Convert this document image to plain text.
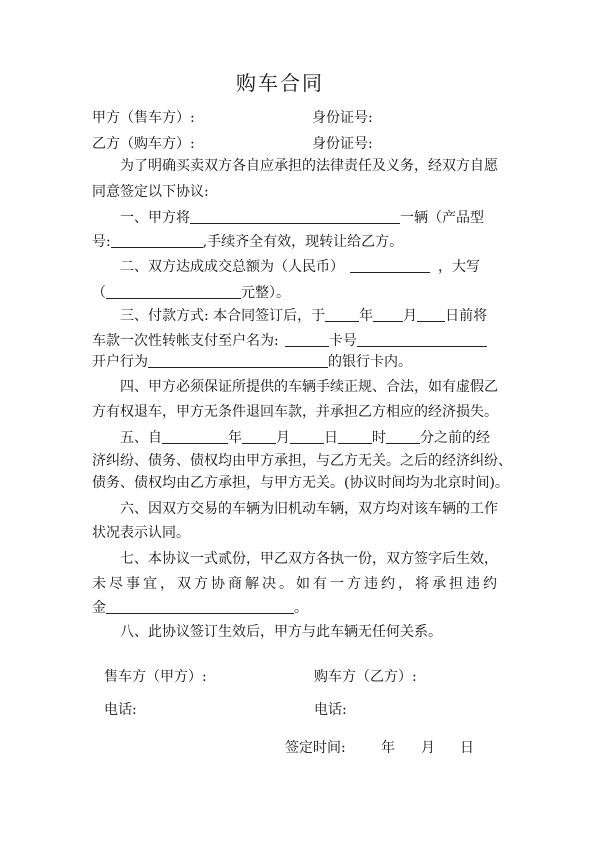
购车合同
甲方（售车方）:	身份证号:
乙方（购车方）:	身份证号:
为了明确买卖双方各自应承担的法律责任及义务，经双方自愿
同意签定以下协议:
一、甲方将	一辆（产品型
号:	,手续齐全有效，现转让给乙方。
二、双方达成成交总额为（人民币）	，大写
（	元整）。
三、付款方式: 本合同签订后，于 年 月 日前将
车款一次性转帐支付至户名为:	卡号
开户行为	的银行卡内。
四、甲方必须保证所提供的车辆手续正规、合法，如有虚假乙
方有权退车，甲方无条件退回车款，并承担乙方相应的经济损失。
五、自	年 月 日 时 分之前的经
济纠纷、债务、债权均由甲方承担，与乙方无关。之后的经济纠纷、
债务、债权均由乙方承担，与甲方无关。(协议时间均为北京时间)。
六、因双方交易的车辆为旧机动车辆，双方均对该车辆的工作
状况表示认同。
七、本协议一式贰份，甲乙双方各执一份，双方签字后生效，
未尽事宜，双方协商解决。如有一方违约，将承担违约
金	。
八、此协议签订生效后，甲方与此车辆无任何关系。
售车方（甲方）:	购车方（乙方）:
电话:	电话:
签定时间:	年 月 日
